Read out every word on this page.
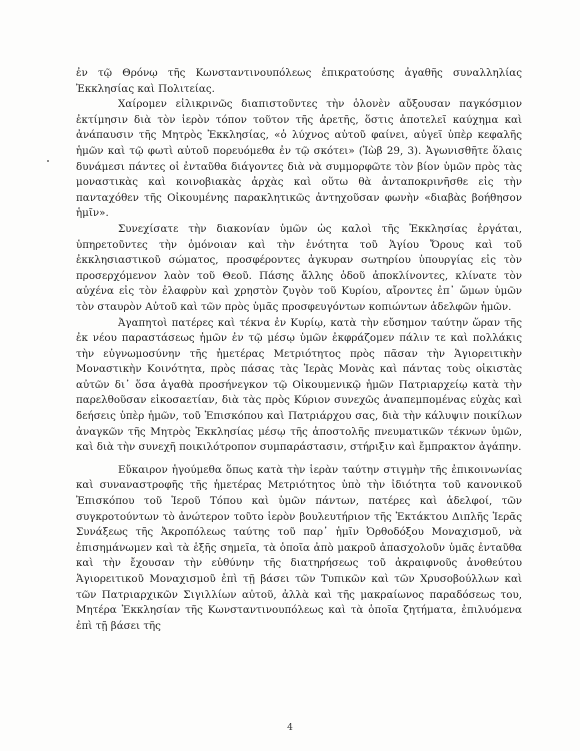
ἐν τῷ Θρόνῳ τῆς Κωνσταντινουπόλεως ἐπικρατούσης ἀγαθῆς συναλληλίας Ἐκκλησίας καὶ Πολιτείας.

Χαίρομεν εἰλικρινῶς διαπιστοῦντες τὴν ὁλονὲν αὔξουσαν παγκόσμιον ἐκτίμησιν διὰ τὸν ἱερὸν τόπον τοῦτον τῆς ἀρετῆς, ὅστις ἀποτελεῖ καύχημα καὶ ἀνάπαυσιν τῆς Μητρὸς Ἐκκλησίας, «ὁ λύχνος αὐτοῦ φαίνει, αὐγεῖ ὑπὲρ κεφαλῆς ἡμῶν καὶ τῷ φωτὶ αὐτοῦ πορευόμεθα ἐν τῷ σκότει» (Ἰὼβ 29, 3). Ἀγωνισθῆτε ὅλαις δυνάμεσι πάντες οἱ ἐνταῦθα διάγοντες διὰ νὰ συμμορφῶτε τὸν βίον ὑμῶν πρὸς τὰς μοναστικὰς καὶ κοινοβιακὰς ἀρχὰς καὶ οὕτω θὰ ἀνταποκρινῆσθε εἰς τὴν πανταχόθεν τῆς Οἰκουμένης παρακλητικῶς ἀντηχοῦσαν φωνὴν «διαβὰς βοήθησον ἡμῖν».

Συνεχίσατε τὴν διακονίαν ὑμῶν ὡς καλοὶ τῆς Ἐκκλησίας ἐργάται, ὑπηρετοῦντες τὴν ὁμόνοιαν καὶ τὴν ἑνότητα τοῦ Ἁγίου Ὄρους καὶ τοῦ ἐκκλησιαστικοῦ σώματος, προσφέροντες ἀγκυραν σωτηρίου ὑπουργίας εἰς τὸν προσερχόμενον λαὸν τοῦ Θεοῦ. Πάσης ἄλλης ὁδοῦ ἀποκλίνοντες, κλίνατε τὸν αὐχένα εἰς τὸν ἐλαφρὺν καὶ χρηστὸν ζυγὸν τοῦ Κυρίου, αἴροντες ἐπ᾽ ὤμων ὑμῶν τὸν σταυρὸν Αὐτοῦ καὶ τῶν πρὸς ὑμᾶς προσφευγόντων κοπιώντων ἀδελφῶν ἡμῶν.

Ἀγαπητοὶ πατέρες καὶ τέκνα ἐν Κυρίῳ, κατὰ τὴν εὔσημον ταύτην ὥραν τῆς ἐκ νέου παραστάσεως ἡμῶν ἐν τῷ μέσῳ ὑμῶν ἐκφράζομεν πάλιν τε καὶ πολλάκις τὴν εὐγνωμοσύνην τῆς ἡμετέρας Μετριότητος πρὸς πᾶσαν τὴν Ἁγιορειτικὴν Μοναστικὴν Κοινότητα, πρὸς πάσας τὰς Ἱερὰς Μονὰς καὶ πάντας τοὺς οἰκιστὰς αὐτῶν δι᾽ ὅσα ἀγαθὰ προσήνεγκον τῷ Οἰκουμενικῷ ἡμῶν Πατριαρχείῳ κατὰ τὴν παρελθοῦσαν εἰκοσαετίαν, διὰ τὰς πρὸς Κύριον συνεχῶς ἀναπεμπομένας εὐχὰς καὶ δεήσεις ὑπὲρ ἡμῶν, τοῦ Ἐπισκόπου καὶ Πατριάρχου σας, διὰ τὴν κάλυψιν ποικίλων ἀναγκῶν τῆς Μητρὸς Ἐκκλησίας μέσῳ τῆς ἀποστολῆς πνευματικῶν τέκνων ὑμῶν, καὶ διὰ τὴν συνεχῆ ποικιλότροπον συμπαράστασιν, στήριξιν καὶ ἔμπρακτον ἀγάπην.

Εὔκαιρον ἡγούμεθα ὅπως κατὰ τὴν ἱερὰν ταύτην στιγμὴν τῆς ἐπικοινωνίας καὶ συναναστροφῆς τῆς ἡμετέρας Μετριότητος ὑπὸ τὴν ἰδιότητα τοῦ κανονικοῦ Ἐπισκόπου τοῦ Ἱεροῦ Τόπου καὶ ὑμῶν πάντων, πατέρες καὶ ἀδελφοί, τῶν συγκροτούντων τὸ ἀνώτερον τοῦτο ἱερὸν βουλευτήριον τῆς Ἐκτάκτου Διπλῆς Ἱερᾶς Συνάξεως τῆς Ἀκροπόλεως ταύτης τοῦ παρ᾽ ἡμῖν Ὀρθοδόξου Μοναχισμοῦ, νὰ ἐπισημάνωμεν καὶ τὰ ἑξῆς σημεῖα, τὰ ὁποῖα ἀπὸ μακροῦ ἀπασχολοῦν ὑμᾶς ἐνταῦθα καὶ τὴν ἔχουσαν τὴν εὐθύνην τῆς διατηρήσεως τοῦ ἀκραιφνοῦς ἀνοθεύτου Ἁγιορειτικοῦ Μοναχισμοῦ ἐπὶ τῇ βάσει τῶν Τυπικῶν καὶ τῶν Χρυσοβούλλων καὶ τῶν Πατριαρχικῶν Σιγιλλίων αὐτοῦ, ἀλλὰ καὶ τῆς μακραίωνος παραδόσεως του, Μητέρα Ἐκκλησίαν τῆς Κωνσταντινουπόλεως καὶ τὰ ὁποῖα ζητήματα, ἐπιλυόμενα ἐπὶ τῇ βάσει τῆς

4
